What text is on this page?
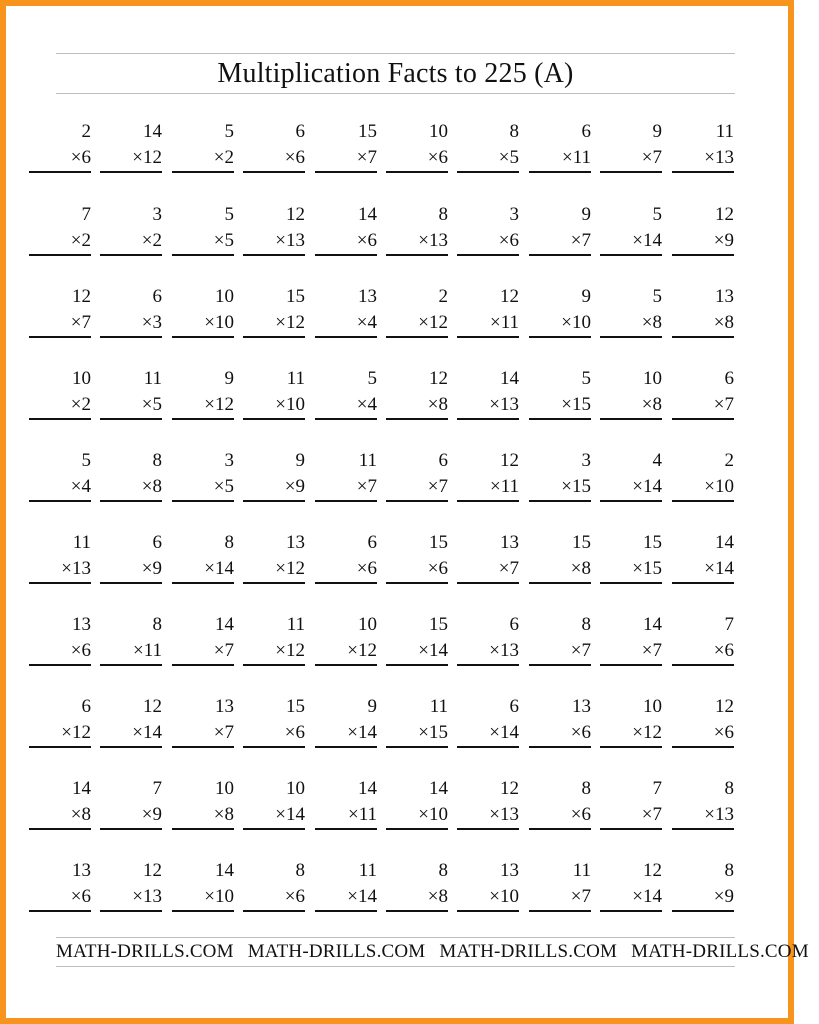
Multiplication Facts to 225 (A)
2
×6
14
×12
5
×2
6
×6
15
×7
10
×6
8
×5
6
×11
9
×7
11
×13
7
×2
3
×2
5
×5
12
×13
14
×6
8
×13
3
×6
9
×7
5
×14
12
×9
12
×7
6
×3
10
×10
15
×12
13
×4
2
×12
12
×11
9
×10
5
×8
13
×8
10
×2
11
×5
9
×12
11
×10
5
×4
12
×8
14
×13
5
×15
10
×8
6
×7
5
×4
8
×8
3
×5
9
×9
11
×7
6
×7
12
×11
3
×15
4
×14
2
×10
11
×13
6
×9
8
×14
13
×12
6
×6
15
×6
13
×7
15
×8
15
×15
14
×14
13
×6
8
×11
14
×7
11
×12
10
×12
15
×14
6
×13
8
×7
14
×7
7
×6
6
×12
12
×14
13
×7
15
×6
9
×14
11
×15
6
×14
13
×6
10
×12
12
×6
14
×8
7
×9
10
×8
10
×14
14
×11
14
×10
12
×13
8
×6
7
×7
8
×13
13
×6
12
×13
14
×10
8
×6
11
×14
8
×8
13
×10
11
×7
12
×14
8
×9
MATH-DRILLS.COM MATH-DRILLS.COM MATH-DRILLS.COM MATH-DRILLS.COM
